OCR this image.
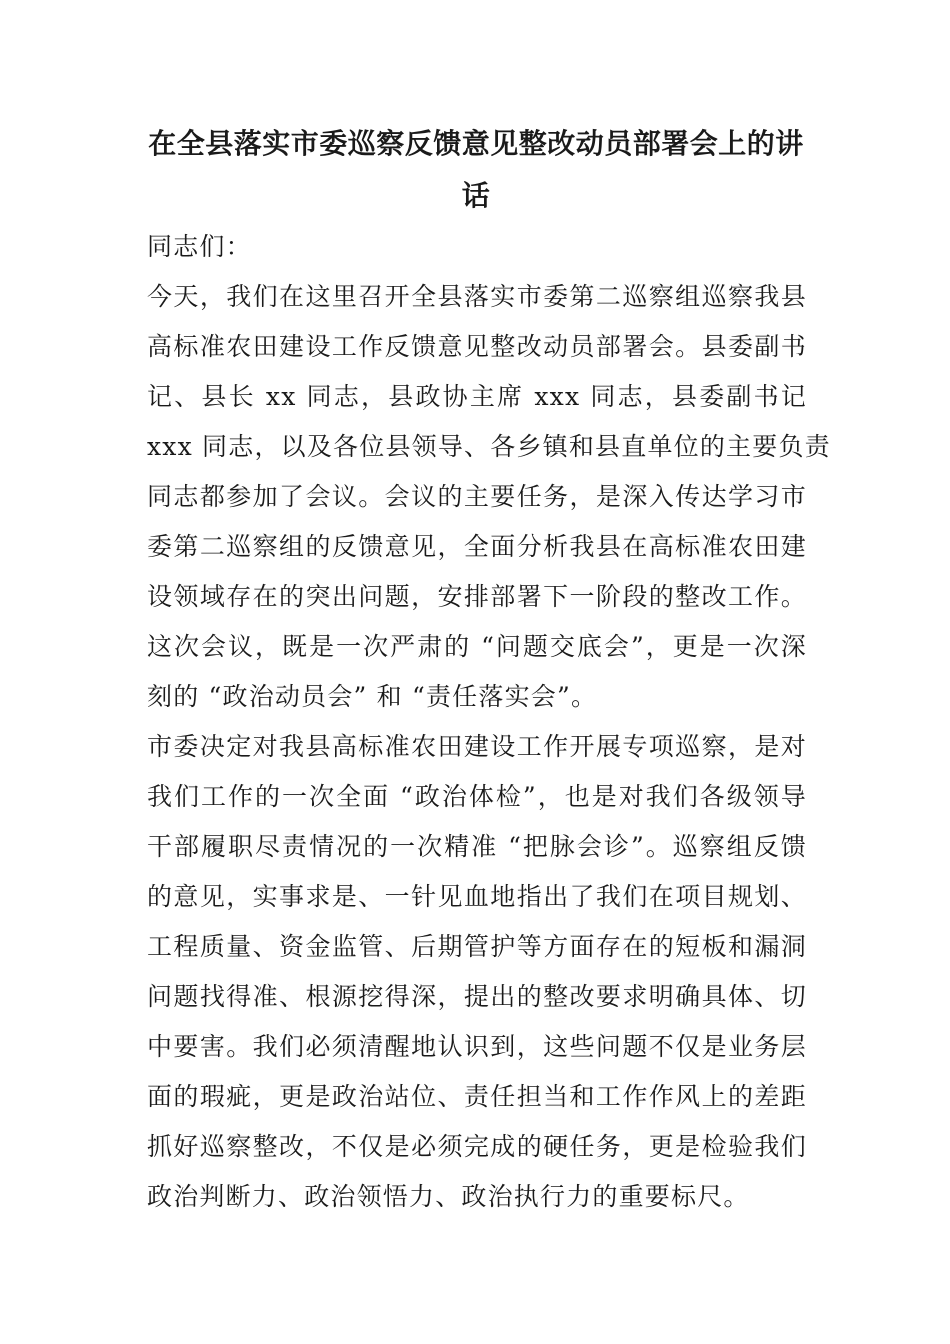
在全县落实市委巡察反馈意见整改动员部署会上的讲
话
同志们：
今天，我们在这里召开全县落实市委第二巡察组巡察我县
高标准农田建设工作反馈意见整改动员部署会。县委副书
记、县长 xx 同志，县政协主席 xxx 同志，县委副书记
xxx 同志，以及各位县领导、各乡镇和县直单位的主要负责
同志都参加了会议。会议的主要任务，是深入传达学习市
委第二巡察组的反馈意见，全面分析我县在高标准农田建
设领域存在的突出问题，安排部署下一阶段的整改工作。
这次会议，既是一次严肃的 “问题交底会”，更是一次深
刻的 “政治动员会” 和 “责任落实会”。
市委决定对我县高标准农田建设工作开展专项巡察，是对
我们工作的一次全面 “政治体检”，也是对我们各级领导
干部履职尽责情况的一次精准 “把脉会诊”。巡察组反馈
的意见，实事求是、一针见血地指出了我们在项目规划、
工程质量、资金监管、后期管护等方面存在的短板和漏洞
问题找得准、根源挖得深，提出的整改要求明确具体、切
中要害。我们必须清醒地认识到，这些问题不仅是业务层
面的瑕疵，更是政治站位、责任担当和工作作风上的差距
抓好巡察整改，不仅是必须完成的硬任务，更是检验我们
政治判断力、政治领悟力、政治执行力的重要标尺。
